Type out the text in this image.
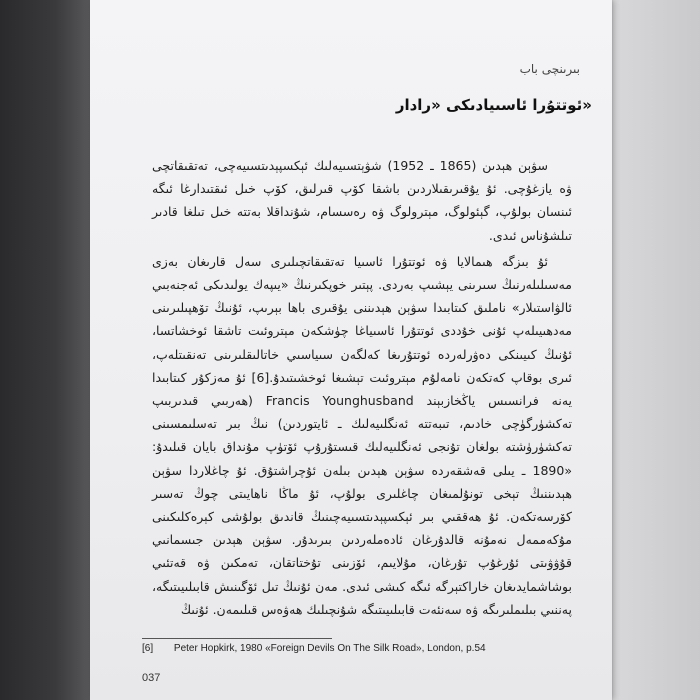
بىرىنچى باب
ئوتتۇرا ئاسىيادىكى «رادار»

سۋېن ھېدىن (1865 ـ 1952) شۋېتسىيەلىك ئېكسپېدىتسىيەچى، تەتقىقاتچى ۋە يازغۇچى. ئۇ يۇقىرىقىلاردىن باشقا كۆپ قىرلىق، كۆپ خىل ئىقتىدارغا ئىگە ئىنسان بولۇپ، گېئولوگ، مېترولوگ ۋە رەسسام، شۇنداقلا بەتتە خىل تىلغا قادىر تىلشۇناس ئىدى.

ئۇ بىزگە ھىمالايا ۋە ئوتتۇرا ئاسىيا تەتقىقاتچىلىرى سەل قارىغان بەزى مەسىلىلەرنىڭ سىرىنى يېشىپ بەردى. پېتىر خوپكىرنىڭ «يىپەك يولىدىكى ئەجنەبىي ئالۋاستىلار» ناملىق كىتابىدا سۋېن ھېدىننى يۇقىرى باھا بېرىپ، ئۇنىڭ تۆھپىلىرىنى مەدھىيىلەپ ئۇنى خۇددى ئوتتۇرا ئاسىياغا چۈشكەن مېتروئىت تاشقا ئوخشاتسا، ئۇنىڭ كىيىنكى دەۋرلەردە ئوتتۇرىغا كەلگەن سىياسىي خاتالىقلىرىنى تەنقىتلەپ، ئىرى بوقاپ كەتكەن نامەلۇم مېتروئىت تېشىغا ئوخشىتىدۇ.[6] ئۇ مەزكۇر كىتابىدا يەنە فرانسىس ياڭخازبېند Francis Younghusband (ھەربىي قىدىربىپ تەكشۈرگۈچى خادىم، تىبەتتە ئەنگلىيەلىك ـ ئايتوردىن) نىڭ بىر تەسلىمسىنى تەكشۈرۈشتە بولغان تۇنجى ئەنگلىيەلىك قىستۇرۇپ ئۆتۈپ مۇنداق بايان قىلىدۇ: «1890 ـ يىلى قەشقەردە سۋېن ھېدىن بىلەن ئۇچراشتۇق. ئۇ چاغلاردا سۋېن ھېدىننىڭ تېخى تونۇلمىغان چاغلىرى بولۇپ، ئۇ ماڭا ناھايىتى چوڭ تەسىر كۆرسەتكەن. ئۇ ھەققىي بىر ئېكسپېدىتسىيەچىنىڭ قاندىق بولۇشى كېرەكلىكىنى مۇكەممەل نەمۇنە قالدۇرغان ئادەملەردىن بىرىدۇر. سۋېن ھېدىن جىسمانىي قۇۋۋىتى ئۇرغۇپ تۇرغان، مۇلايىم، ئۆزىنى تۇختاتقان، تەمكىن ۋە قەتئىي بوشاشمايدىغان خاراكتېرگە ئىگە كىشى ئىدى. مەن ئۇنىڭ تىل ئۆگىنىش قابىلىيىتىگە، پەننىي بىلىملىرىگە ۋە سەنئەت قابىلىيىتىگە شۇنچىلىك ھەۋەس قىلىمەن. ئۇنىڭ

[6] Peter Hopkirk, 1980 «Foreign Devils On The Silk Road», London, p.54
037
